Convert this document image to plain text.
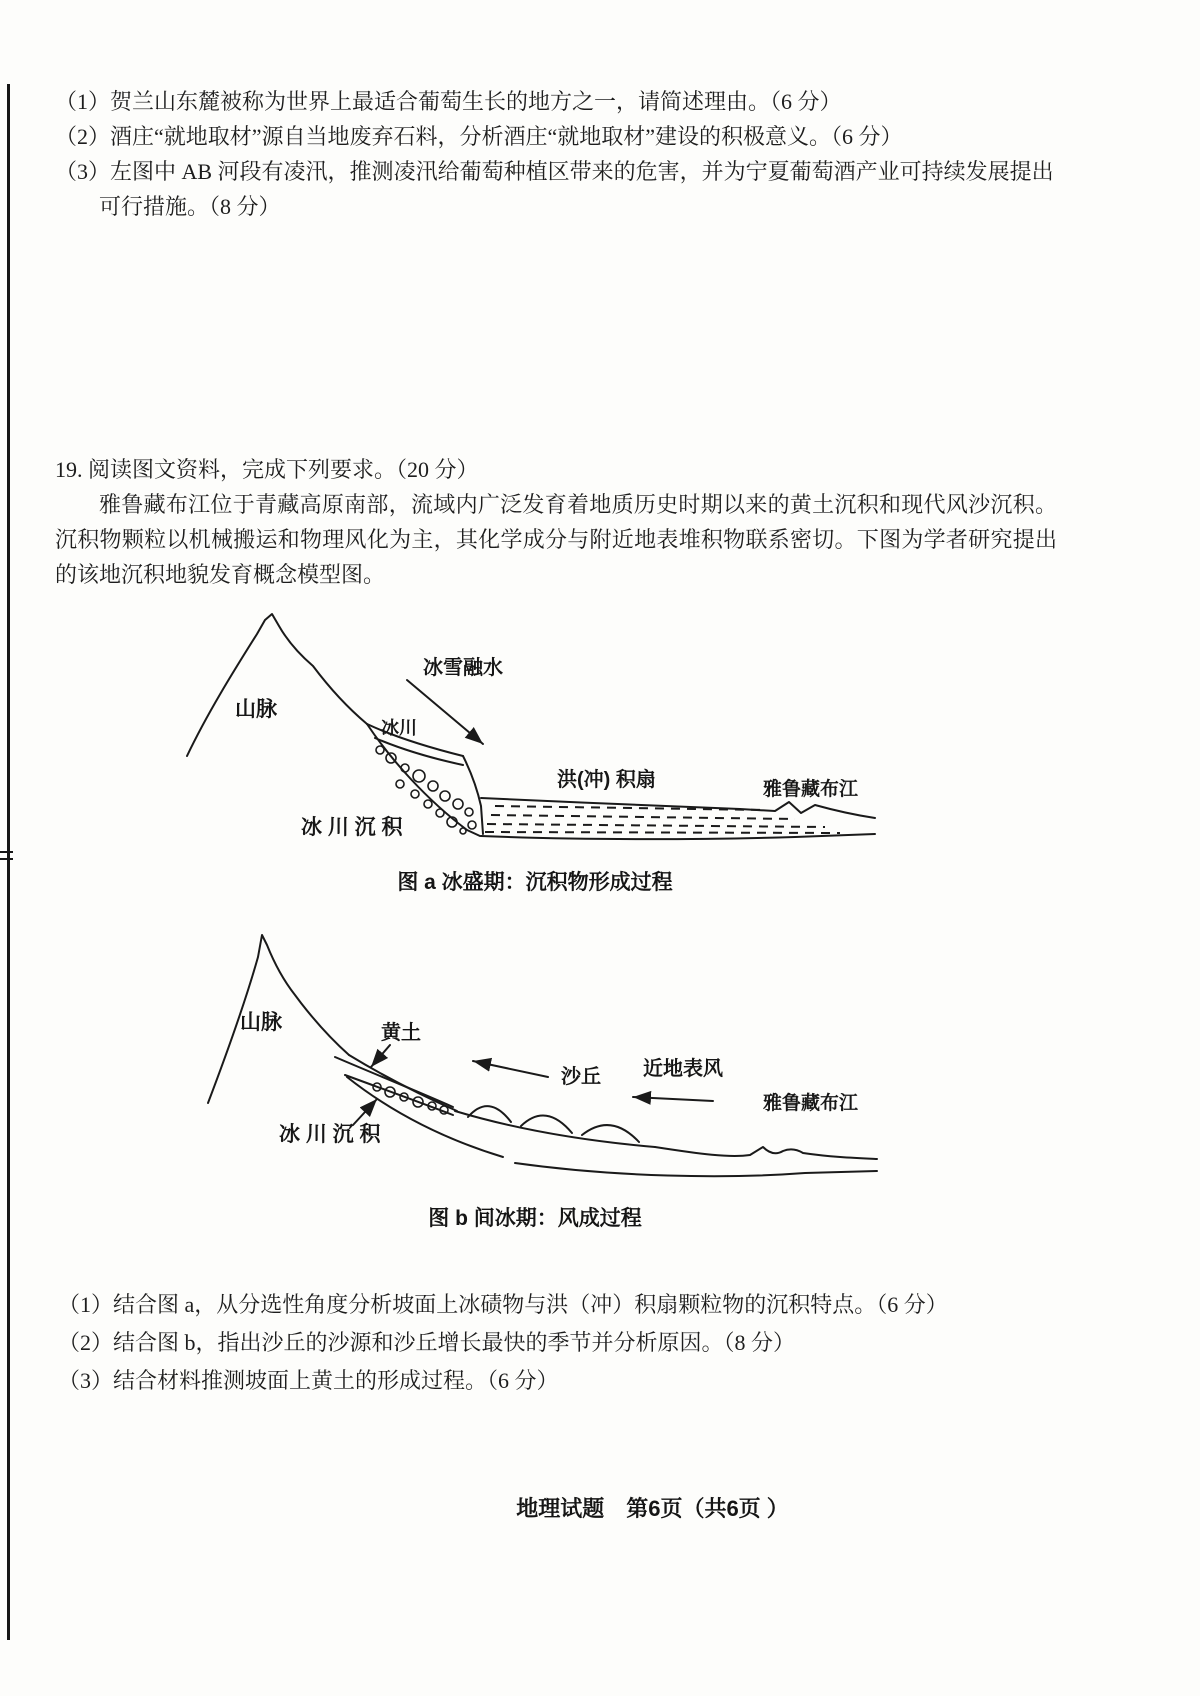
（1）贺兰山东麓被称为世界上最适合葡萄生长的地方之一，请简述理由。（6 分）

（2）酒庄“就地取材”源自当地废弃石料，分析酒庄“就地取材”建设的积极意义。（6 分）

（3）左图中 AB 河段有凌汛，推测凌汛给葡萄种植区带来的危害，并为宁夏葡萄酒产业可持续发展提出可行措施。（8 分）

19. 阅读图文资料，完成下列要求。（20 分）
雅鲁藏布江位于青藏高原南部，流域内广泛发育着地质历史时期以来的黄土沉积和现代风沙沉积。沉积物颗粒以机械搬运和物理风化为主，其化学成分与附近地表堆积物联系密切。下图为学者研究提出的该地沉积地貌发育概念模型图。
山脉
冰雪融水
冰川
洪(冲) 积扇	雅鲁藏布江
冰 川 沉 积
图 a 冰盛期：沉积物形成过程
山脉	黄土
沙丘 近地表风
雅鲁藏布江
冰 川 沉 积
图 b 间冰期：风成过程

（1）结合图 a，从分选性角度分析坡面上冰碛物与洪（冲）积扇颗粒物的沉积特点。（6 分）

（2）结合图 b，指出沙丘的沙源和沙丘增长最快的季节并分析原因。（8 分）

（3）结合材料推测坡面上黄土的形成过程。（6 分）

地理试题　第6页（共6页 ）
